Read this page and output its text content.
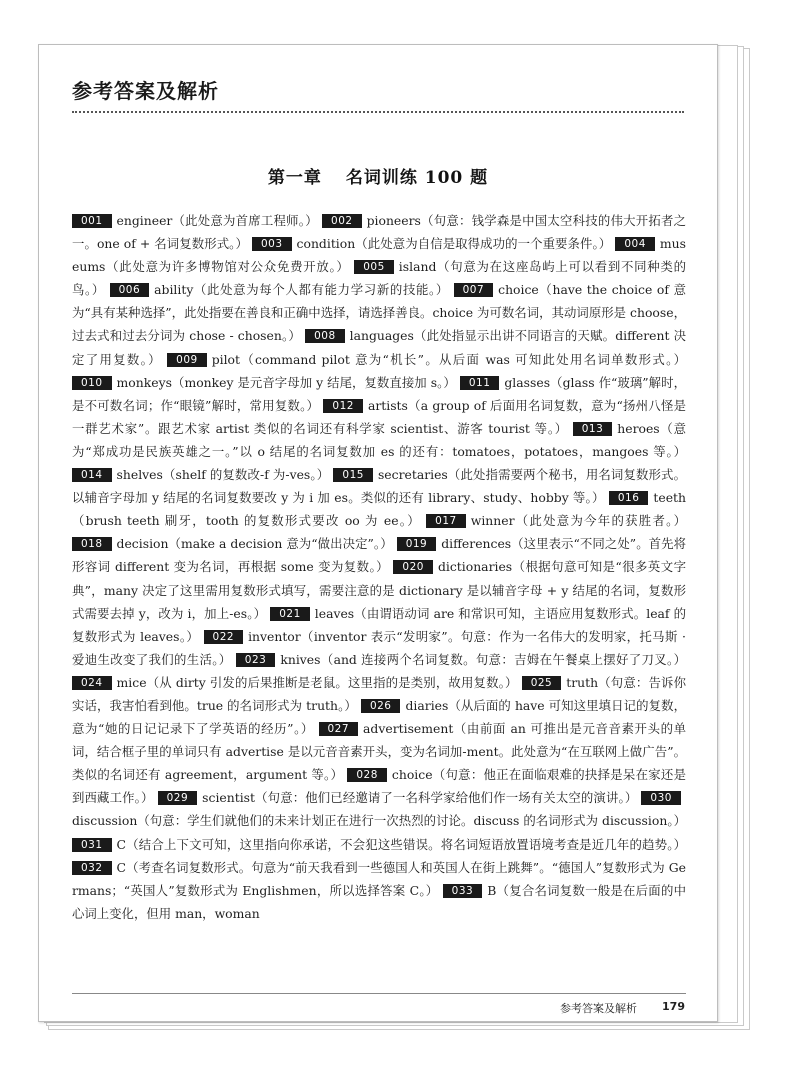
参考答案及解析
第一章 名词训练 100 题
001 engineer（此处意为首席工程师。） 002 pioneers（句意：钱学森是中国太空科技的伟大开拓者之一。one of + 名词复数形式。） 003 condition（此处意为自信是取得成功的一个重要条件。） 004 museums（此处意为许多博物馆对公众免费开放。） 005 island（句意为在这座岛屿上可以看到不同种类的鸟。） 006 ability（此处意为每个人都有能力学习新的技能。） 007 choice（have the choice of 意为“具有某种选择”，此处指要在善良和正确中选择，请选择善良。choice 为可数名词，其动词原形是 choose，过去式和过去分词为 chose - chosen。） 008 languages（此处指显示出讲不同语言的天赋。different 决定了用复数。） 009 pilot（command pilot 意为“机长”。从后面 was 可知此处用名词单数形式。） 010 monkeys（monkey 是元音字母加 y 结尾，复数直接加 s。） 011 glasses（glass 作“玻璃”解时，是不可数名词；作“眼镜”解时，常用复数。） 012 artists（a group of 后面用名词复数，意为“扬州八怪是一群艺术家”。跟艺术家 artist 类似的名词还有科学家 scientist、游客 tourist 等。） 013 heroes（意为“郑成功是民族英雄之一。”以 o 结尾的名词复数加 es 的还有：tomatoes，potatoes，mangoes 等。） 014 shelves（shelf 的复数改-f 为-ves。） 015 secretaries（此处指需要两个秘书，用名词复数形式。以辅音字母加 y 结尾的名词复数要改 y 为 i 加 es。类似的还有 library、study、hobby 等。） 016 teeth（brush teeth 刷牙，tooth 的复数形式要改 oo 为 ee。） 017 winner（此处意为今年的获胜者。） 018 decision（make a decision 意为“做出决定”。） 019 differences（这里表示“不同之处”。首先将形容词 different 变为名词，再根据 some 变为复数。） 020 dictionaries（根据句意可知是“很多英文字典”，many 决定了这里需用复数形式填写，需要注意的是 dictionary 是以辅音字母 + y 结尾的名词，复数形式需要去掉 y，改为 i，加上-es。） 021 leaves（由谓语动词 are 和常识可知，主语应用复数形式。leaf 的复数形式为 leaves。） 022 inventor（inventor 表示“发明家”。句意：作为一名伟大的发明家，托马斯 · 爱迪生改变了我们的生活。） 023 knives（and 连接两个名词复数。句意：吉姆在午餐桌上摆好了刀叉。） 024 mice（从 dirty 引发的后果推断是老鼠。这里指的是类别，故用复数。） 025 truth（句意：告诉你实话，我害怕看到他。true 的名词形式为 truth。） 026 diaries（从后面的 have 可知这里填日记的复数，意为“她的日记记录下了学英语的经历”。） 027 advertisement（由前面 an 可推出是元音音素开头的单词，结合框子里的单词只有 advertise 是以元音音素开头，变为名词加-ment。此处意为“在互联网上做广告”。类似的名词还有 agreement，argument 等。） 028 choice（句意：他正在面临艰难的抉择是呆在家还是到西藏工作。） 029 scientist（句意：他们已经邀请了一名科学家给他们作一场有关太空的演讲。） 030discussion（句意：学生们就他们的未来计划正在进行一次热烈的讨论。discuss 的名词形式为 discussion。） 031 C（结合上下文可知，这里指向你承诺，不会犯这些错误。将名词短语放置语境考查是近几年的趋势。） 032 C（考查名词复数形式。句意为“前天我看到一些德国人和英国人在街上跳舞”。“德国人”复数形式为 Germans；“英国人”复数形式为 Englishmen，所以选择答案 C。） 033 B（复合名词复数一般是在后面的中心词上变化，但用 man，woman
参考答案及解析 179
